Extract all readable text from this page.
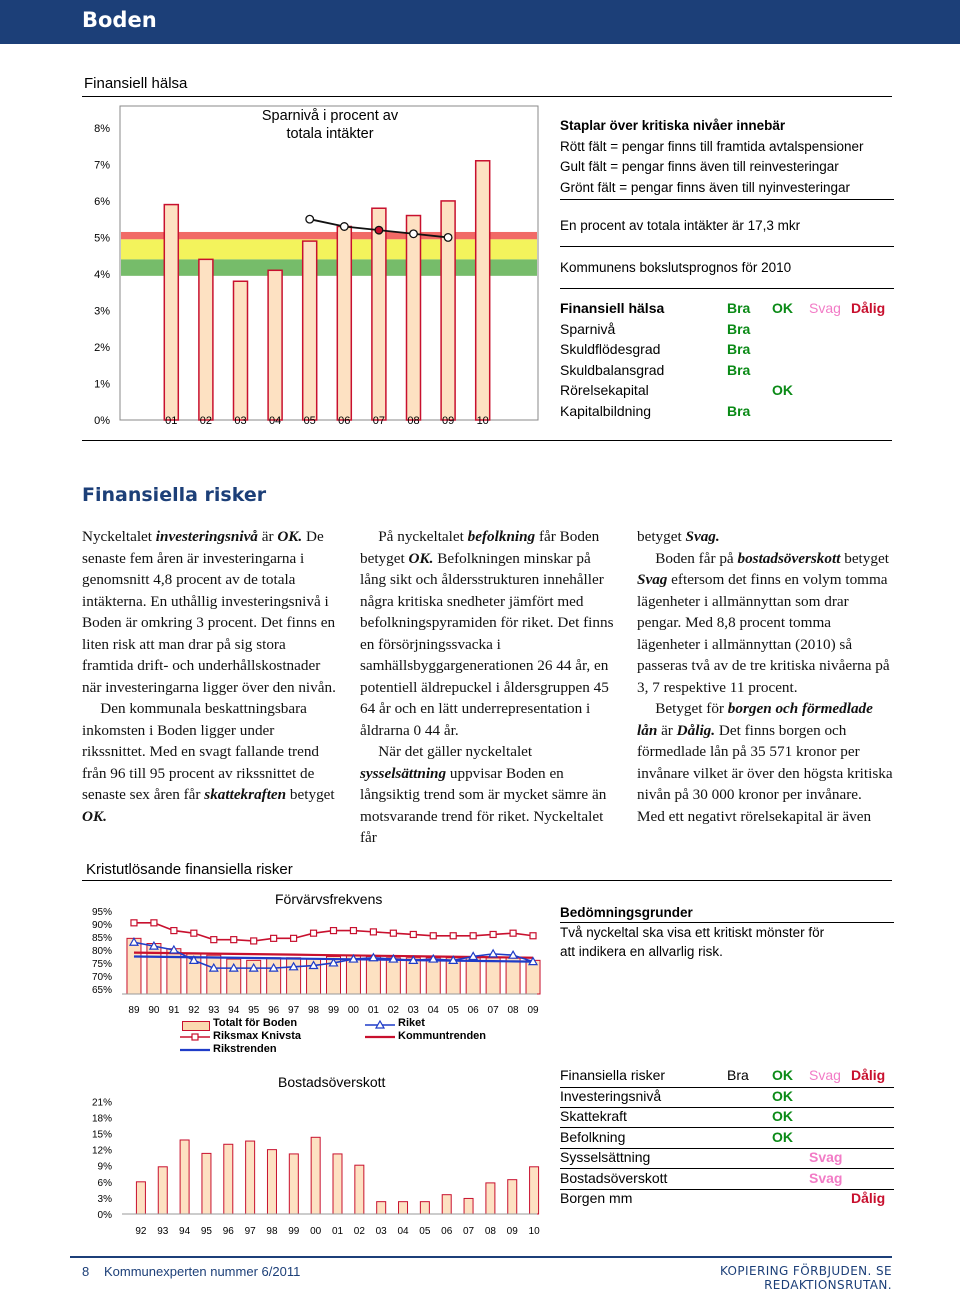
Boden
Finansiell hälsa
0%
1%
2%
3%
4%
5%
6%
7%
8%
01 02 03 04 05 06 07 08 09 10
Sparnivå i procent av
totala intäkter
Staplar över kritiska nivåer innebär
Rött fält = pengar finns till framtida avtalspensioner
Gult fält = pengar finns även till reinvesteringar
Grönt fält = pengar finns även till nyinvesteringar
En procent av totala intäkter är 17,3 mkr
Kommunens bokslutsprognos för 2010
Finansiell hälsa	Bra OK Svag Dålig
Sparnivå	Bra
Skuldflödesgrad	Bra
Skuldbalansgrad	Bra
Rörelsekapital	OK
Kapitalbildning	Bra
Finansiella risker

Nyckeltalet investeringsnivå är OK. De senaste fem åren är investeringarna i genomsnitt 4,8 procent av de totala intäkterna. En uthållig investeringsnivå i Boden är omkring 3 procent. Det finns en liten risk att man drar på sig stora framtida drift- och underhållskostnader när investeringarna ligger över den nivån.

Den kommunala beskattningsbara inkomsten i Boden ligger under rikssnittet. Med en svagt fallande trend från 96 till 95 procent av rikssnittet de senaste sex åren får skattekraften betyget OK.

På nyckeltalet befolkning får Boden betyget OK. Befolkningen minskar på lång sikt och åldersstrukturen innehåller några kritiska snedheter jämfört med befolkningspyramiden för riket. Det finns en försörjningssvacka i samhällsbyggargenerationen 26 44 år, en potentiell äldrepuckel i åldersgruppen 45 64 år och en lätt underrepresentation i åldrarna 0 44 år.

När det gäller nyckeltalet sysselsättning uppvisar Boden en långsiktig trend som är mycket sämre än motsvarande trend för riket. Nyckeltalet får

betyget Svag.

Boden får på bostadsöverskott betyget Svag eftersom det finns en volym tomma lägenheter i allmännyttan som drar pengar. Med 8,8 procent tomma lägenheter i allmännyttan (2010) så passeras två av de tre kritiska nivåerna på 3, 7 respektive 11 procent.

Betyget för borgen och förmedlade lån är Dålig. Det finns borgen och förmedlade lån på 35 571 kronor per invånare vilket är över den högsta kritiska nivån på 30 000 kronor per invånare. Med ett negativt rörelsekapital är även

Kristutlösande finansiella risker
65%
70%
75%
80%
85%
90%
95%
89 90 91 92 93 94 95 96 97 98 99 00 01 02 03 04 05 06 07 08 09
Förvärvsfrekvens
Totalt för Boden	Riket
Riksmax Knivsta	Kommuntrenden
Rikstrenden
Bedömningsgrunder
Två nyckeltal ska visa ett kritiskt mönster för
att indikera en allvarlig risk.
0%
3%
6%
9%
12%
15%
18%
21%
92 93 94 95 96 97 98 99 00 01 02 03 04 05 06 07 08 09 10
Bostadsöverskott	Finansiella risker	Bra OK Svag Dålig
Investeringsnivå	OK
Skattekraft	OK
Befolkning	OK
Sysselsättning	Svag
Bostadsöverskott	Svag
Borgen mm	Dålig
8 Kommunexperten nummer 6/2011	KOPIERING FÖRBJUDEN. SE REDAKTIONSRUTAN.
